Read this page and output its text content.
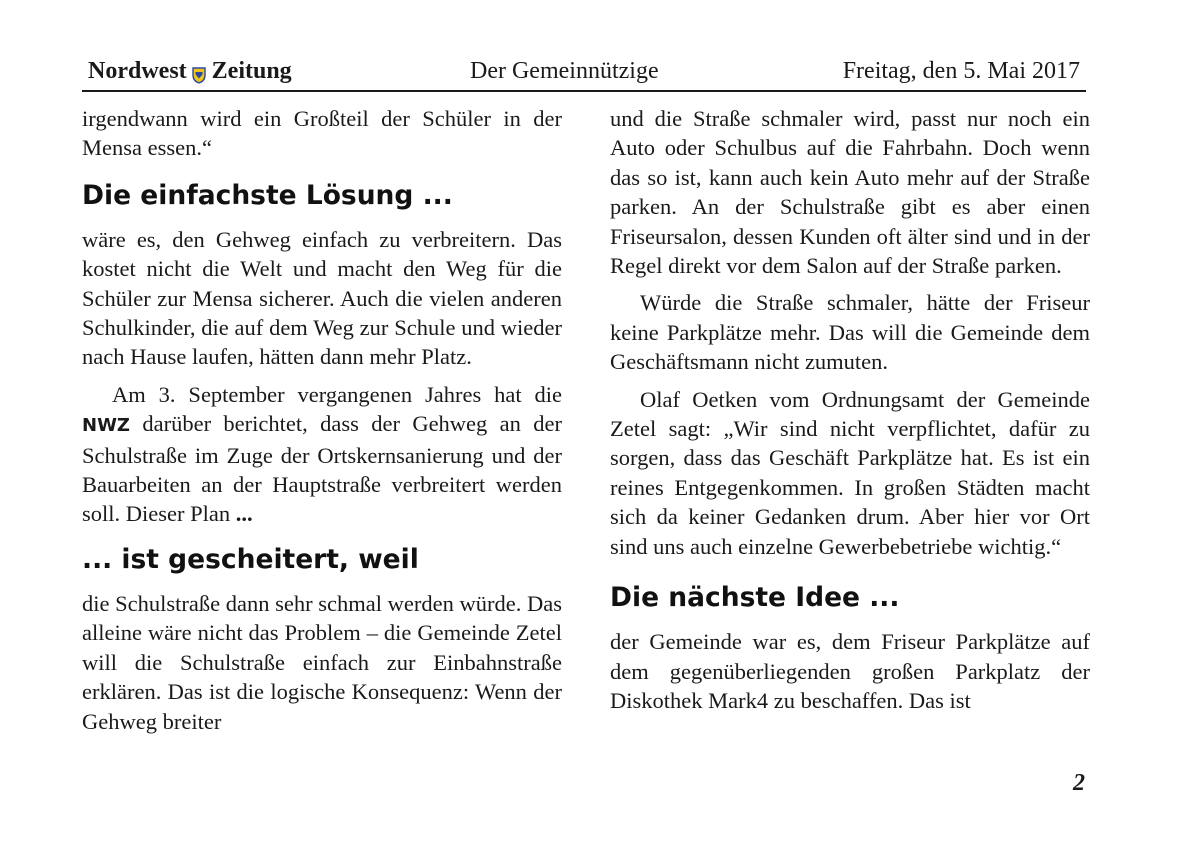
Nordwest Zeitung	Der Gemeinnützige	Freitag, den 5. Mai 2017

irgendwann wird ein Großteil der Schüler in der Mensa essen.“

Die einfachste Lösung ...

wäre es, den Gehweg einfach zu verbreitern. Das kostet nicht die Welt und macht den Weg für die Schüler zur Mensa sicherer. Auch die vielen anderen Schulkinder, die auf dem Weg zur Schule und wieder nach Hause laufen, hätten dann mehr Platz.

Am 3. September vergangenen Jahres hat die NWZ darüber berichtet, dass der Gehweg an der Schulstraße im Zuge der Ortskernsanierung und der Bauarbeiten an der Hauptstraße verbreitert werden soll. Dieser Plan ...

... ist gescheitert, weil

die Schulstraße dann sehr schmal werden würde. Das alleine wäre nicht das Problem – die Gemeinde Zetel will die Schulstraße einfach zur Einbahnstraße erklären. Das ist die logische Konsequenz: Wenn der Gehweg breiter

und die Straße schmaler wird, passt nur noch ein Auto oder Schulbus auf die Fahrbahn. Doch wenn das so ist, kann auch kein Auto mehr auf der Straße parken. An der Schulstraße gibt es aber einen Friseursalon, dessen Kunden oft älter sind und in der Regel direkt vor dem Salon auf der Straße parken.

Würde die Straße schmaler, hätte der Friseur keine Parkplätze mehr. Das will die Gemeinde dem Geschäftsmann nicht zumuten.

Olaf Oetken vom Ordnungsamt der Gemeinde Zetel sagt: „Wir sind nicht verpflichtet, dafür zu sorgen, dass das Geschäft Parkplätze hat. Es ist ein reines Entgegenkommen. In großen Städten macht sich da keiner Gedanken drum. Aber hier vor Ort sind uns auch einzelne Gewerbebetriebe wichtig.“

Die nächste Idee ...

der Gemeinde war es, dem Friseur Parkplätze auf dem gegenüberliegenden großen Parkplatz der Diskothek Mark4 zu beschaffen. Das ist

2
